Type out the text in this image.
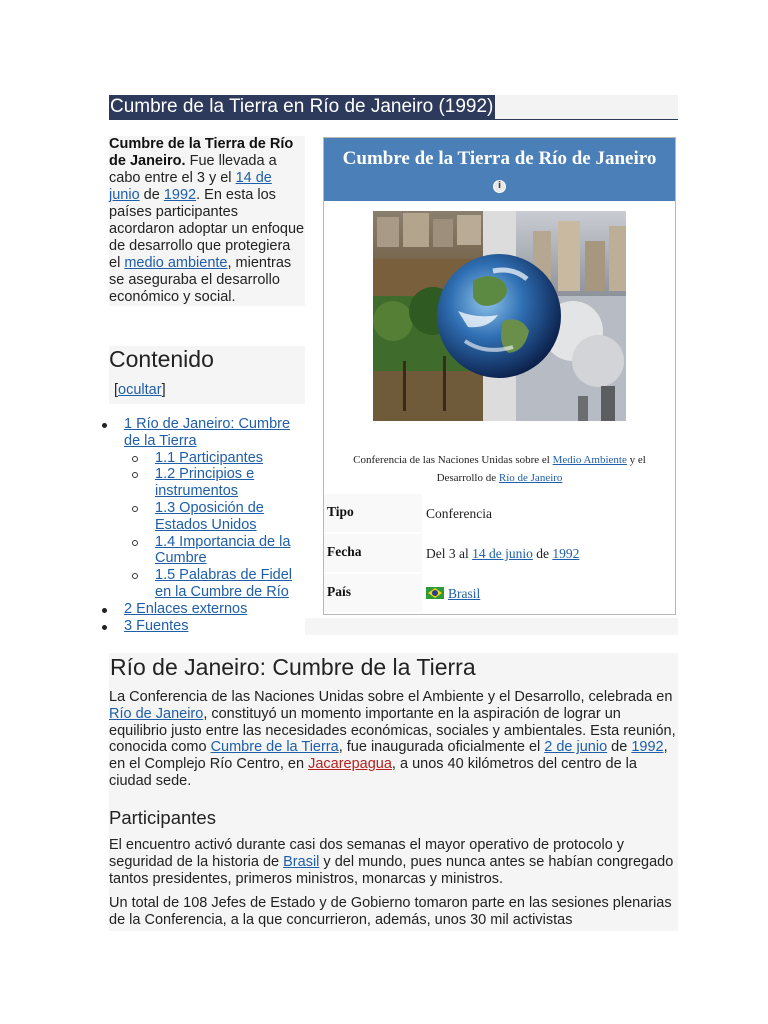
Cumbre de la Tierra en Río de Janeiro (1992)
Cumbre de la Tierra de Río de Janeiro. Fue llevada a cabo entre el 3 y el 14 de junio de 1992. En esta los países participantes acordaron adoptar un enfoque de desarrollo que protegiera el medio ambiente, mientras se aseguraba el desarrollo económico y social.
Contenido
[ocultar]
1 Río de Janeiro: Cumbre de la Tierra
1.1 Participantes
1.2 Principios e instrumentos
1.3 Oposición de Estados Unidos
1.4 Importancia de la Cumbre
1.5 Palabras de Fidel en la Cumbre de Río
2 Enlaces externos
3 Fuentes
Cumbre de la Tierra de Río de Janeiro
i
Conferencia de las Naciones Unidas sobre el Medio Ambiente y el Desarrollo de Río de Janeiro
Tipo	Conferencia
Fecha	Del 3 al 14 de junio de 1992
País	Brasil
Río de Janeiro: Cumbre de la Tierra
La Conferencia de las Naciones Unidas sobre el Ambiente y el Desarrollo, celebrada en Río de Janeiro, constituyó un momento importante en la aspiración de lograr un equilibrio justo entre las necesidades económicas, sociales y ambientales. Esta reunión, conocida como Cumbre de la Tierra, fue inaugurada oficialmente el 2 de junio de 1992, en el Complejo Río Centro, en Jacarepagua, a unos 40 kilómetros del centro de la ciudad sede.
Participantes
El encuentro activó durante casi dos semanas el mayor operativo de protocolo y seguridad de la historia de Brasil y del mundo, pues nunca antes se habían congregado tantos presidentes, primeros ministros, monarcas y ministros.
Un total de 108 Jefes de Estado y de Gobierno tomaron parte en las sesiones plenarias de la Conferencia, a la que concurrieron, además, unos 30 mil activistas
